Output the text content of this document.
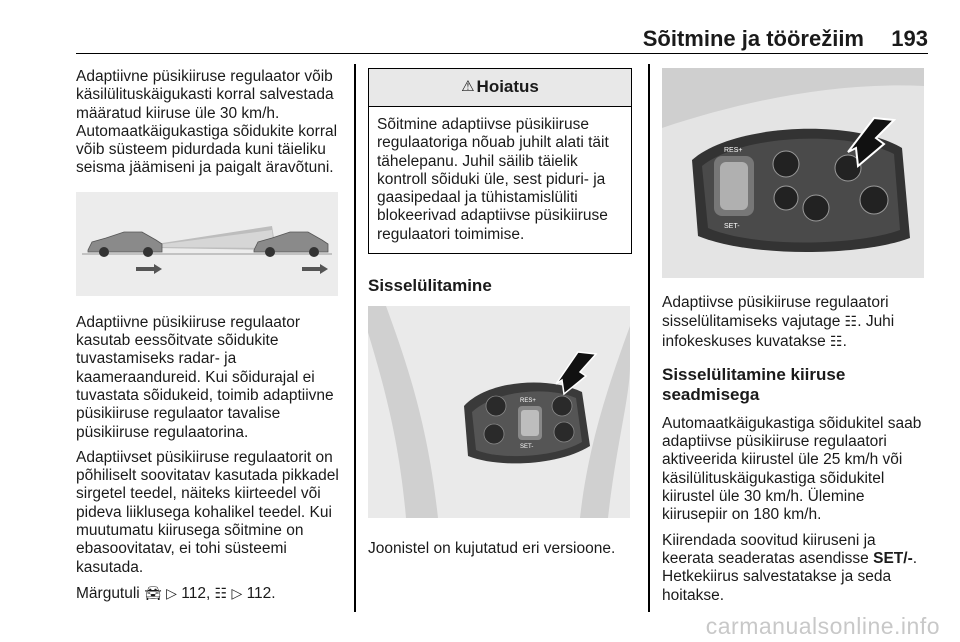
Sõitmine ja töörežiim 193

Adaptiivne püsikiiruse regulaator võib käsilülituskäigukasti korral salvestada määratud kiiruse üle 30 km/h. Automaatkäigukastiga sõidukite korral võib süsteem pidurdada kuni täieliku seisma jäämiseni ja paigalt äravõtuni.

Adaptiivne püsikiiruse regulaator kasutab eessõitvate sõidukite tuvastamiseks radar- ja kaameraandureid. Kui sõidurajal ei tuvastata sõidukeid, toimib adaptiivne püsikiiruse regulaator tavalise püsikiiruse regulaatorina.

Adaptiivset püsikiiruse regulaatorit on põhiliselt soovitatav kasutada pikkadel sirgetel teedel, näiteks kiirteedel või pideva liiklusega kohalikel teedel. Kui muutumatu kiirusega sõitmine on ebasoovitatav, ei tohi süsteemi kasutada.

Märgutuli 🚘︎ ▷ 112, ☷ ▷ 112.

⚠︎ Hoiatus
Sõitmine adaptiivse püsikiiruse regulaatoriga nõuab juhilt alati täit tähelepanu. Juhil säilib täielik kontroll sõiduki üle, sest piduri- ja gaasipedaal ja tühistamislüliti blokeerivad adaptiivse püsikiiruse regulaatori toimimise.
Sisselülitamine
RES+
SET-

Joonistel on kujutatud eri versioone.

RES+
SET-

Adaptiivse püsikiiruse regulaatori sisselülitamiseks vajutage ☷. Juhi infokeskuses kuvatakse ☷.

Sisselülitamine kiiruse seadmisega

Automaatkäigukastiga sõidukitel saab adaptiivse püsikiiruse regulaatori aktiveerida kiirustel üle 25 km/h või käsilülituskäigukastiga sõidukitel kiirustel üle 30 km/h. Ülemine kiirusepiir on 180 km/h.

Kiirendada soovitud kiiruseni ja keerata seaderatas asendisse SET/-. Hetkekiirus salvestatakse ja seda hoitakse.

carmanualsonline.info
